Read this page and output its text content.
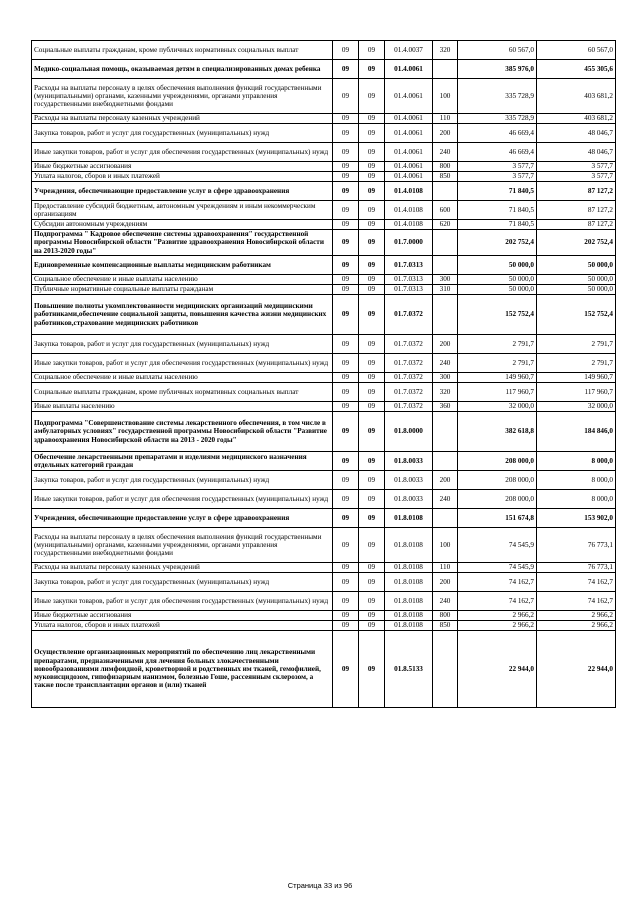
Социальные выплаты гражданам, кроме публичных нормативных социальных выплат	09	09	01.4.0037	320	60 567,0	60 567,0
Медико-социальная помощь, оказываемая детям в специализированных домах ребенка	09	09	01.4.0061		385 976,0	455 305,6
Расходы на выплаты персоналу в целях обеспечения выполнения функций государственными (муниципальными) органами, казенными учреждениями, органами управления государственными внебюджетными фондами	09	09	01.4.0061	100	335 728,9	403 681,2
Расходы на выплаты персоналу казенных учреждений	09	09	01.4.0061	110	335 728,9	403 681,2
Закупка товаров, работ и услуг для государственных (муниципальных) нужд	09	09	01.4.0061	200	46 669,4	48 046,7
Иные закупки товаров, работ и услуг для обеспечения государственных (муниципальных) нужд	09	09	01.4.0061	240	46 669,4	48 046,7
Иные бюджетные ассигнования	09	09	01.4.0061	800	3 577,7	3 577,7
Уплата налогов, сборов и иных платежей	09	09	01.4.0061	850	3 577,7	3 577,7
Учреждения, обеспечивающие предоставление услуг в сфере здравоохранения	09	09	01.4.0108		71 840,5	87 127,2
Предоставление субсидий бюджетным, автономным учреждениям и иным некоммерческим организациям	09	09	01.4.0108	600	71 840,5	87 127,2
Субсидии автономным учреждениям	09	09	01.4.0108	620	71 840,5	87 127,2
Подпрограмма " Кадровое обеспечение системы здравоохранения" государственной программы Новосибирской области "Развитие здравоохранения Новосибирской области на 2013-2020 годы"	09	09	01.7.0000		202 752,4	202 752,4
Единовременные компенсационные выплаты медицинским работникам	09	09	01.7.0313		50 000,0	50 000,0
Социальное обеспечение и иные выплаты населению	09	09	01.7.0313	300	50 000,0	50 000,0
Публичные нормативные социальные выплаты гражданам	09	09	01.7.0313	310	50 000,0	50 000,0
Повышение полноты укомплектованности медицинских организаций медицинскими работниками,обеспечение социальной защиты, повышения качества жизни медицинских работников,страхование медицинских работников	09	09	01.7.0372		152 752,4	152 752,4
Закупка товаров, работ и услуг для государственных (муниципальных) нужд	09	09	01.7.0372	200	2 791,7	2 791,7
Иные закупки товаров, работ и услуг для обеспечения государственных (муниципальных) нужд	09	09	01.7.0372	240	2 791,7	2 791,7
Социальное обеспечение и иные выплаты населению	09	09	01.7.0372	300	149 960,7	149 960,7
Социальные выплаты гражданам, кроме публичных нормативных социальных выплат	09	09	01.7.0372	320	117 960,7	117 960,7
Иные выплаты населению	09	09	01.7.0372	360	32 000,0	32 000,0
Подпрограмма "Совершенствование системы лекарственного обеспечения, в том числе в амбулаторных условиях" государственной программы Новосибирской области "Развитие здравоохранения Новосибирской области на 2013 - 2020 годы"	09	09	01.8.0000		382 618,8	184 846,0
Обеспечение лекарственными препаратами и изделиями медицинского назначения отдельных категорий граждан	09	09	01.8.0033		208 000,0	8 000,0
Закупка товаров, работ и услуг для государственных (муниципальных) нужд	09	09	01.8.0033	200	208 000,0	8 000,0
Иные закупки товаров, работ и услуг для обеспечения государственных (муниципальных) нужд	09	09	01.8.0033	240	208 000,0	8 000,0
Учреждения, обеспечивающие предоставление услуг в сфере здравоохранения	09	09	01.8.0108		151 674,8	153 902,0
Расходы на выплаты персоналу в целях обеспечения выполнения функций государственными (муниципальными) органами, казенными учреждениями, органами управления государственными внебюджетными фондами	09	09	01.8.0108	100	74 545,9	76 773,1
Расходы на выплаты персоналу казенных учреждений	09	09	01.8.0108	110	74 545,9	76 773,1
Закупка товаров, работ и услуг для государственных (муниципальных) нужд	09	09	01.8.0108	200	74 162,7	74 162,7
Иные закупки товаров, работ и услуг для обеспечения государственных (муниципальных) нужд	09	09	01.8.0108	240	74 162,7	74 162,7
Иные бюджетные ассигнования	09	09	01.8.0108	800	2 966,2	2 966,2
Уплата налогов, сборов и иных платежей	09	09	01.8.0108	850	2 966,2	2 966,2
Осуществление организационных мероприятий по обеспечению лиц лекарственными препаратами, предназначенными для лечения больных злокачественными новообразованиями лимфоидной, кроветворной и родственных им тканей, гемофилией, муковисцидозом, гипофизарным нанизмом, болезнью Гоше, рассеянным склерозом, а также после трансплантации органов и (или) тканей	09	09	01.8.5133		22 944,0	22 944,0
Страница 33 из 96
